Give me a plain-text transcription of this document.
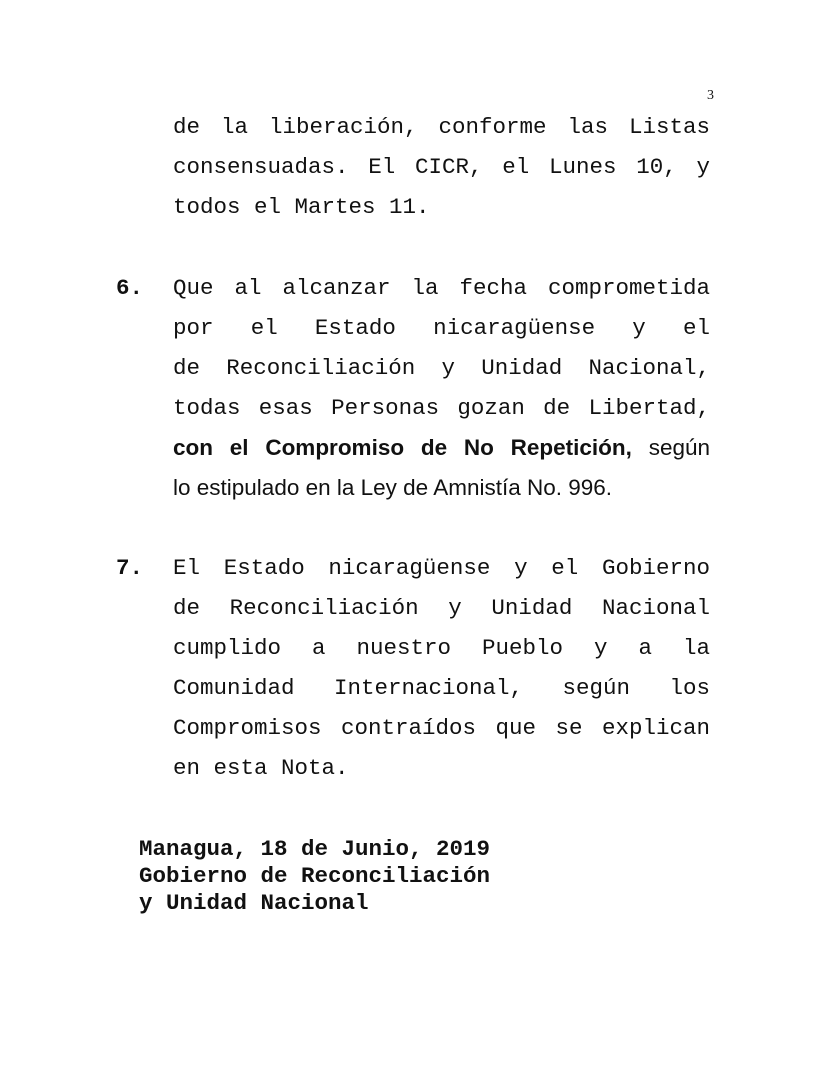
3
de la liberación, conforme las Listas
consensuadas. El CICR, el Lunes 10, y
todos el Martes 11.
6. Que al alcanzar la fecha comprometida
por el Estado nicaragüense y el
de Reconciliación y Unidad Nacional,
todas esas Personas gozan de Libertad,
con el Compromiso de No Repetición, según
lo estipulado en la Ley de Amnistía No. 996.
7. El Estado nicaragüense y el Gobierno
de Reconciliación y Unidad Nacional
cumplido a nuestro Pueblo y a la
Comunidad Internacional, según los
Compromisos contraídos que se explican
en esta Nota.
Managua, 18 de Junio, 2019
Gobierno de Reconciliación
y Unidad Nacional
